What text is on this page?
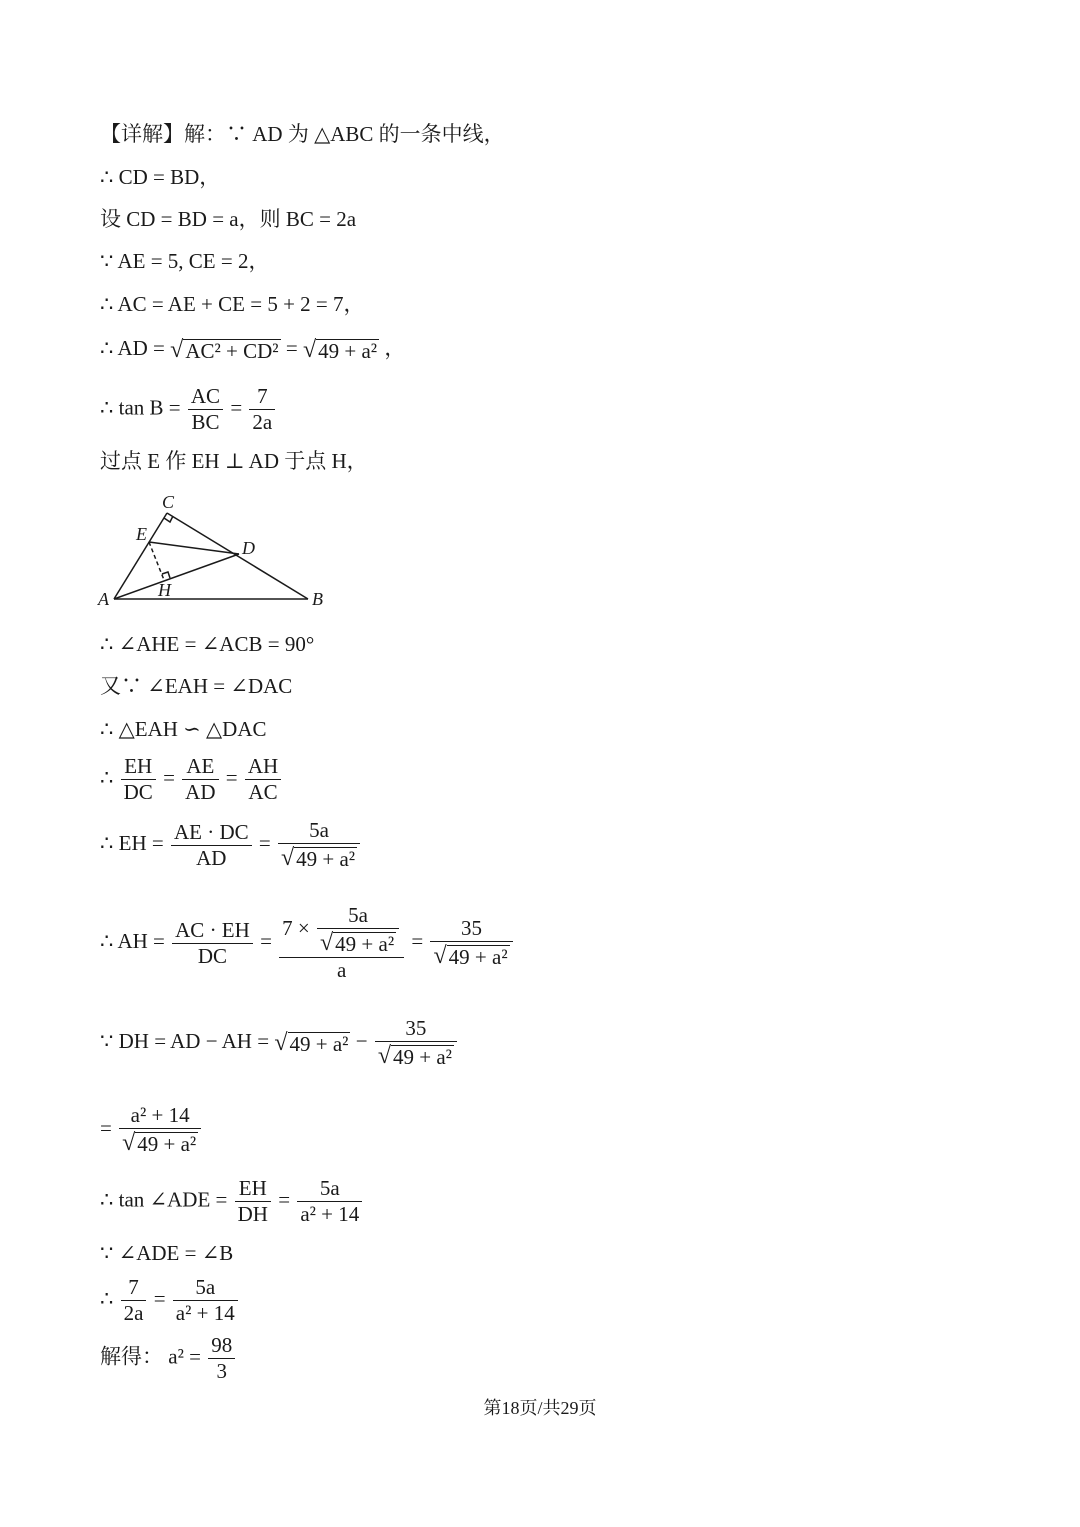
【详解】解：∵ AD 为 △ABC 的一条中线，
∴ CD = BD，
设 CD = BD = a，则 BC = 2a
∵ AE = 5, CE = 2，
∴ AC = AE + CE = 5 + 2 = 7，
∴ AD = √AC² + CD² = √49 + a² ，
∴ $\tan B = \frac{AC}{BC} = \frac{7}{2a}$
过点 E 作 EH ⊥ AD 于点 H，
A	B
C
D
E
H
∴ ∠AHE = ∠ACB = 90°
又∵ ∠EAH = ∠DAC
∴ △EAH ∽ △DAC
∴ $\frac{EH}{DC} = \frac{AE}{AD} = \frac{AH}{AC}$
∴ EH = $\frac{AE \cdot DC}{AD} = \frac{5a}{\text{√49 + a²}}$
∴ AH = $\frac{AC \cdot EH}{DC} = \frac{7 \times \frac{5a}{\text{√49 + a²}}}{a} = \frac{35}{\text{√49 + a²}}$
∵ DH = AD − AH = $√49 + a^2 - \frac{35}{\text{√49 + a²}}$
= $\frac{\text{a² + 14}}{\text{√49 + a²}}$
∴ tan ∠ADE = $\frac{EH}{DH} = \frac{5a}{\text{a² + 14}}$
∵ ∠ADE = ∠B
∴ $\frac{7}{2a} = \frac{5a}{\text{a² + 14}}$
解得： $a^2 = \frac{98}{3}$
第18页/共29页
